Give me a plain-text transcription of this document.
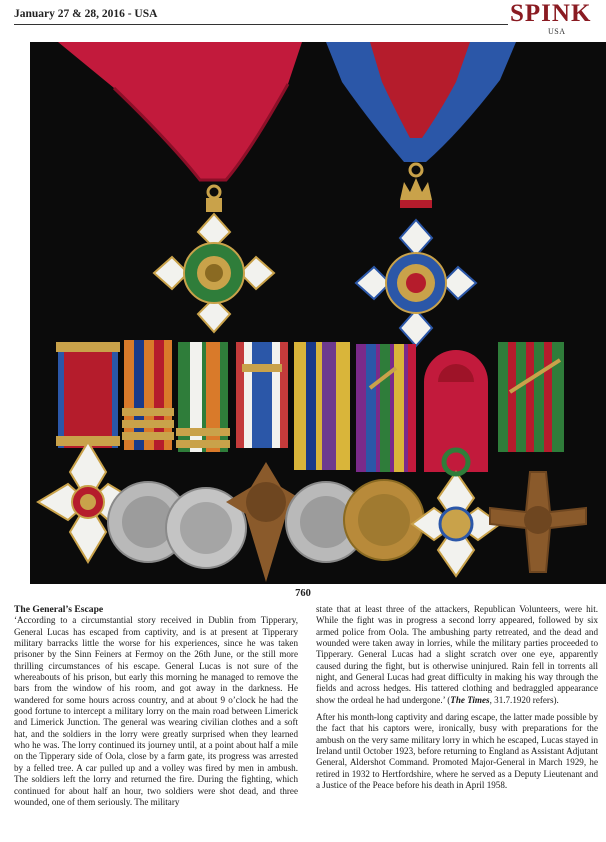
January 27 & 28, 2016 - USA	SPINK
USA
760
The General’s Escape

‘According to a circumstantial story received in Dublin from Tipperary, General Lucas has escaped from captivity, and is at present at Tipperary military barracks little the worse for his experiences, since he was taken prisoner by the Sinn Feiners at Fermoy on the 26th June, or the still more thrilling circumstances of his escape. General Lucas is not sure of the whereabouts of his prison, but early this morning he managed to remove the bars from the window of his room, and got away in the darkness. He wandered for some hours across country, and at about 9 o’clock he had the good fortune to intercept a military lorry on the main road between Limerick and Limerick Junction. The general was wearing civilian clothes and a soft hat, and the soldiers in the lorry were greatly surprised when they learned who he was. The lorry continued its journey until, at a point about half a mile on the Tipperary side of Oola, close by a farm gate, its progress was arrested by a felled tree. A car pulled up and a volley was fired by men in ambush. The soldiers left the lorry and returned the fire. During the fighting, which continued for about half an hour, two soldiers were shot dead, and three wounded, one of them seriously. The military

state that at least three of the attackers, Republican Volunteers, were hit. While the fight was in progress a second lorry appeared, followed by six armed police from Oola. The ambushing party retreated, and the dead and wounded were taken away in lorries, while the military parties proceeded to Tipperary. General Lucas had a slight scratch over one eye, apparently caused during the fight, but is otherwise uninjured. Rain fell in torrents all night, and General Lucas had great difficulty in making his way through the fields and across hedges. His tattered clothing and bedraggled appearance show the ordeal he had undergone.’ (The Times, 31.7.1920 refers).

After his month-long captivity and daring escape, the latter made possible by the fact that his captors were, ironically, busy with preparations for the ambush on the very same military lorry in which he escaped, Lucas stayed in Ireland until October 1923, before returning to England as Assistant Adjutant General, Aldershot Command. Promoted Major-General in March 1929, he retired in 1932 to Hertfordshire, where he served as a Deputy Lieutenant and a Justice of the Peace before his death in April 1958.
